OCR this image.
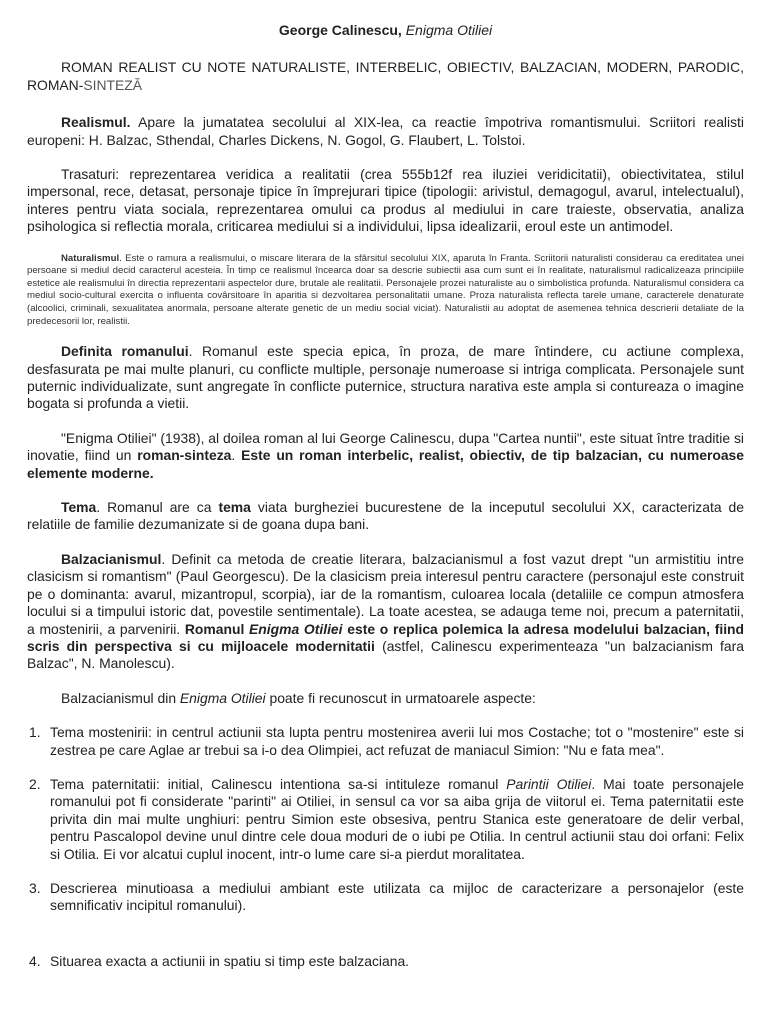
George Calinescu, Enigma Otiliei

ROMAN REALIST CU NOTE NATURALISTE, INTERBELIC, OBIECTIV, BALZACIAN, MODERN, PARODIC, ROMAN-SINTEZĂ

Realismul. Apare la jumatatea secolului al XIX-lea, ca reactie împotriva romantismului. Scriitori realisti europeni: H. Balzac, Sthendal, Charles Dickens, N. Gogol, G. Flaubert, L. Tolstoi.

Trasaturi: reprezentarea veridica a realitatii (crea 555b12f rea iluziei veridicitatii), obiectivitatea, stilul impersonal, rece, detasat, personaje tipice în împrejurari tipice (tipologii: arivistul, demagogul, avarul, intelectualul), interes pentru viata sociala, reprezentarea omului ca produs al mediului in care traieste, observatia, analiza psihologica si reflectia morala, criticarea mediului si a individului, lipsa idealizarii, eroul este un antimodel.

Naturalismul. Este o ramura a realismului, o miscare literara de la sfârsitul secolului XIX, aparuta în Franta. Scriitorii naturalisti considerau ca ereditatea unei persoane si mediul decid caracterul acesteia. În timp ce realismul încearca doar sa descrie subiectii asa cum sunt ei în realitate, naturalismul radicalizeaza principiile estetice ale realismului în directia reprezentarii aspectelor dure, brutale ale realitatii. Personajele prozei naturaliste au o simbolistica profunda. Naturalismul considera ca mediul socio-cultural exercita o influenta covârsitoare în aparitia si dezvoltarea personalitatii umane. Proza naturalista reflecta tarele umane, caracterele denaturate (alcoolici, criminali, sexualitatea anormala, persoane alterate genetic de un mediu social viciat). Naturalistii au adoptat de asemenea tehnica descrierii detaliate de la predecesorii lor, realistii.

Definita romanului. Romanul este specia epica, în proza, de mare întindere, cu actiune complexa, desfasurata pe mai multe planuri, cu conflicte multiple, personaje numeroase si intriga complicata. Personajele sunt puternic individualizate, sunt angregate în conflicte puternice, structura narativa este ampla si contureaza o imagine bogata si profunda a vietii.

"Enigma Otiliei" (1938), al doilea roman al lui George Calinescu, dupa "Cartea nuntii", este situat între traditie si inovatie, fiind un roman-sinteza. Este un roman interbelic, realist, obiectiv, de tip balzacian, cu numeroase elemente moderne.

Tema. Romanul are ca tema viata burgheziei bucurestene de la inceputul secolului XX, caracterizata de relatiile de familie dezumanizate si de goana dupa bani.

Balzacianismul. Definit ca metoda de creatie literara, balzacianismul a fost vazut drept "un armistitiu intre clasicism si romantism" (Paul Georgescu). De la clasicism preia interesul pentru caractere (personajul este construit pe o dominanta: avarul, mizantropul, scorpia), iar de la romantism, culoarea locala (detaliile ce compun atmosfera locului si a timpului istoric dat, povestile sentimentale). La toate acestea, se adauga teme noi, precum a paternitatii, a mostenirii, a parvenirii. Romanul Enigma Otiliei este o replica polemica la adresa modelului balzacian, fiind scris din perspectiva si cu mijloacele modernitatii (astfel, Calinescu experimenteaza "un balzacianism fara Balzac", N. Manolescu).

Balzacianismul din Enigma Otiliei poate fi recunoscut in urmatoarele aspecte:

1. Tema mostenirii: in centrul actiunii sta lupta pentru mostenirea averii lui mos Costache; tot o "mostenire" este si zestrea pe care Aglae ar trebui sa i-o dea Olimpiei, act refuzat de maniacul Simion: "Nu e fata mea".
2. Tema paternitatii: initial, Calinescu intentiona sa-si intituleze romanul Parintii Otiliei. Mai toate personajele romanului pot fi considerate "parinti" ai Otiliei, in sensul ca vor sa aiba grija de viitorul ei. Tema paternitatii este privita din mai multe unghiuri: pentru Simion este obsesiva, pentru Stanica este generatoare de delir verbal, pentru Pascalopol devine unul dintre cele doua moduri de o iubi pe Otilia. In centrul actiunii stau doi orfani: Felix si Otilia. Ei vor alcatui cuplul inocent, intr-o lume care si-a pierdut moralitatea.
3. Descrierea minutioasa a mediului ambiant este utilizata ca mijloc de caracterizare a personajelor (este semnificativ incipitul romanului).
4. Situarea exacta a actiunii in spatiu si timp este balzaciana.
